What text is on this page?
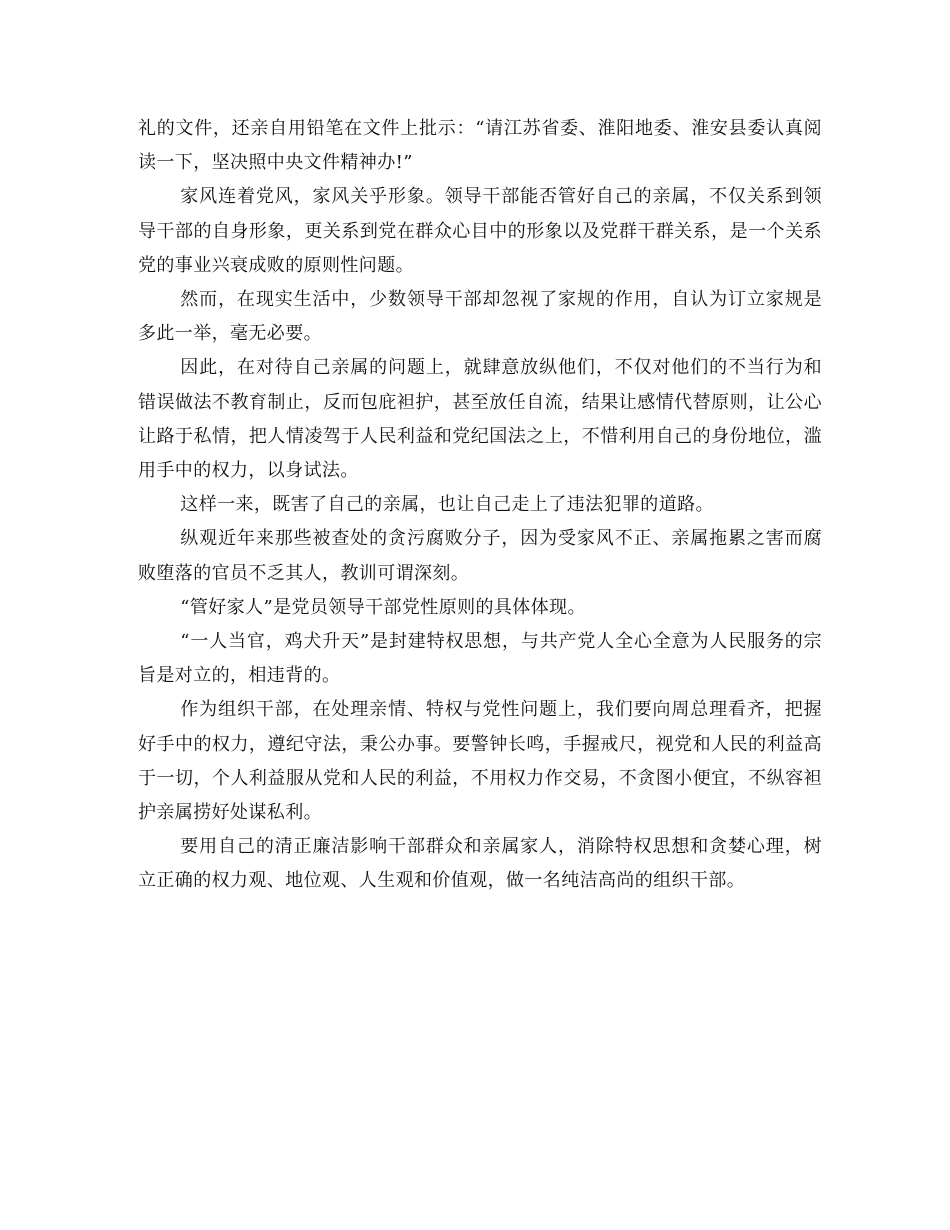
礼的文件，还亲自用铅笔在文件上批示：“请江苏省委、淮阳地委、淮安县委认真阅读一下，坚决照中央文件精神办!”

家风连着党风，家风关乎形象。领导干部能否管好自己的亲属，不仅关系到领导干部的自身形象，更关系到党在群众心目中的形象以及党群干群关系，是一个关系党的事业兴衰成败的原则性问题。

然而，在现实生活中，少数领导干部却忽视了家规的作用，自认为订立家规是多此一举，毫无必要。

因此，在对待自己亲属的问题上，就肆意放纵他们，不仅对他们的不当行为和错误做法不教育制止，反而包庇袒护，甚至放任自流，结果让感情代替原则，让公心让路于私情，把人情凌驾于人民利益和党纪国法之上，不惜利用自己的身份地位，滥用手中的权力，以身试法。

这样一来，既害了自己的亲属，也让自己走上了违法犯罪的道路。

纵观近年来那些被查处的贪污腐败分子，因为受家风不正、亲属拖累之害而腐败堕落的官员不乏其人，教训可谓深刻。

“管好家人”是党员领导干部党性原则的具体体现。

“一人当官，鸡犬升天”是封建特权思想，与共产党人全心全意为人民服务的宗旨是对立的，相违背的。

作为组织干部，在处理亲情、特权与党性问题上，我们要向周总理看齐，把握好手中的权力，遵纪守法，秉公办事。要警钟长鸣，手握戒尺，视党和人民的利益高于一切，个人利益服从党和人民的利益，不用权力作交易，不贪图小便宜，不纵容袒护亲属捞好处谋私利。

要用自己的清正廉洁影响干部群众和亲属家人，消除特权思想和贪婪心理，树立正确的权力观、地位观、人生观和价值观，做一名纯洁高尚的组织干部。
